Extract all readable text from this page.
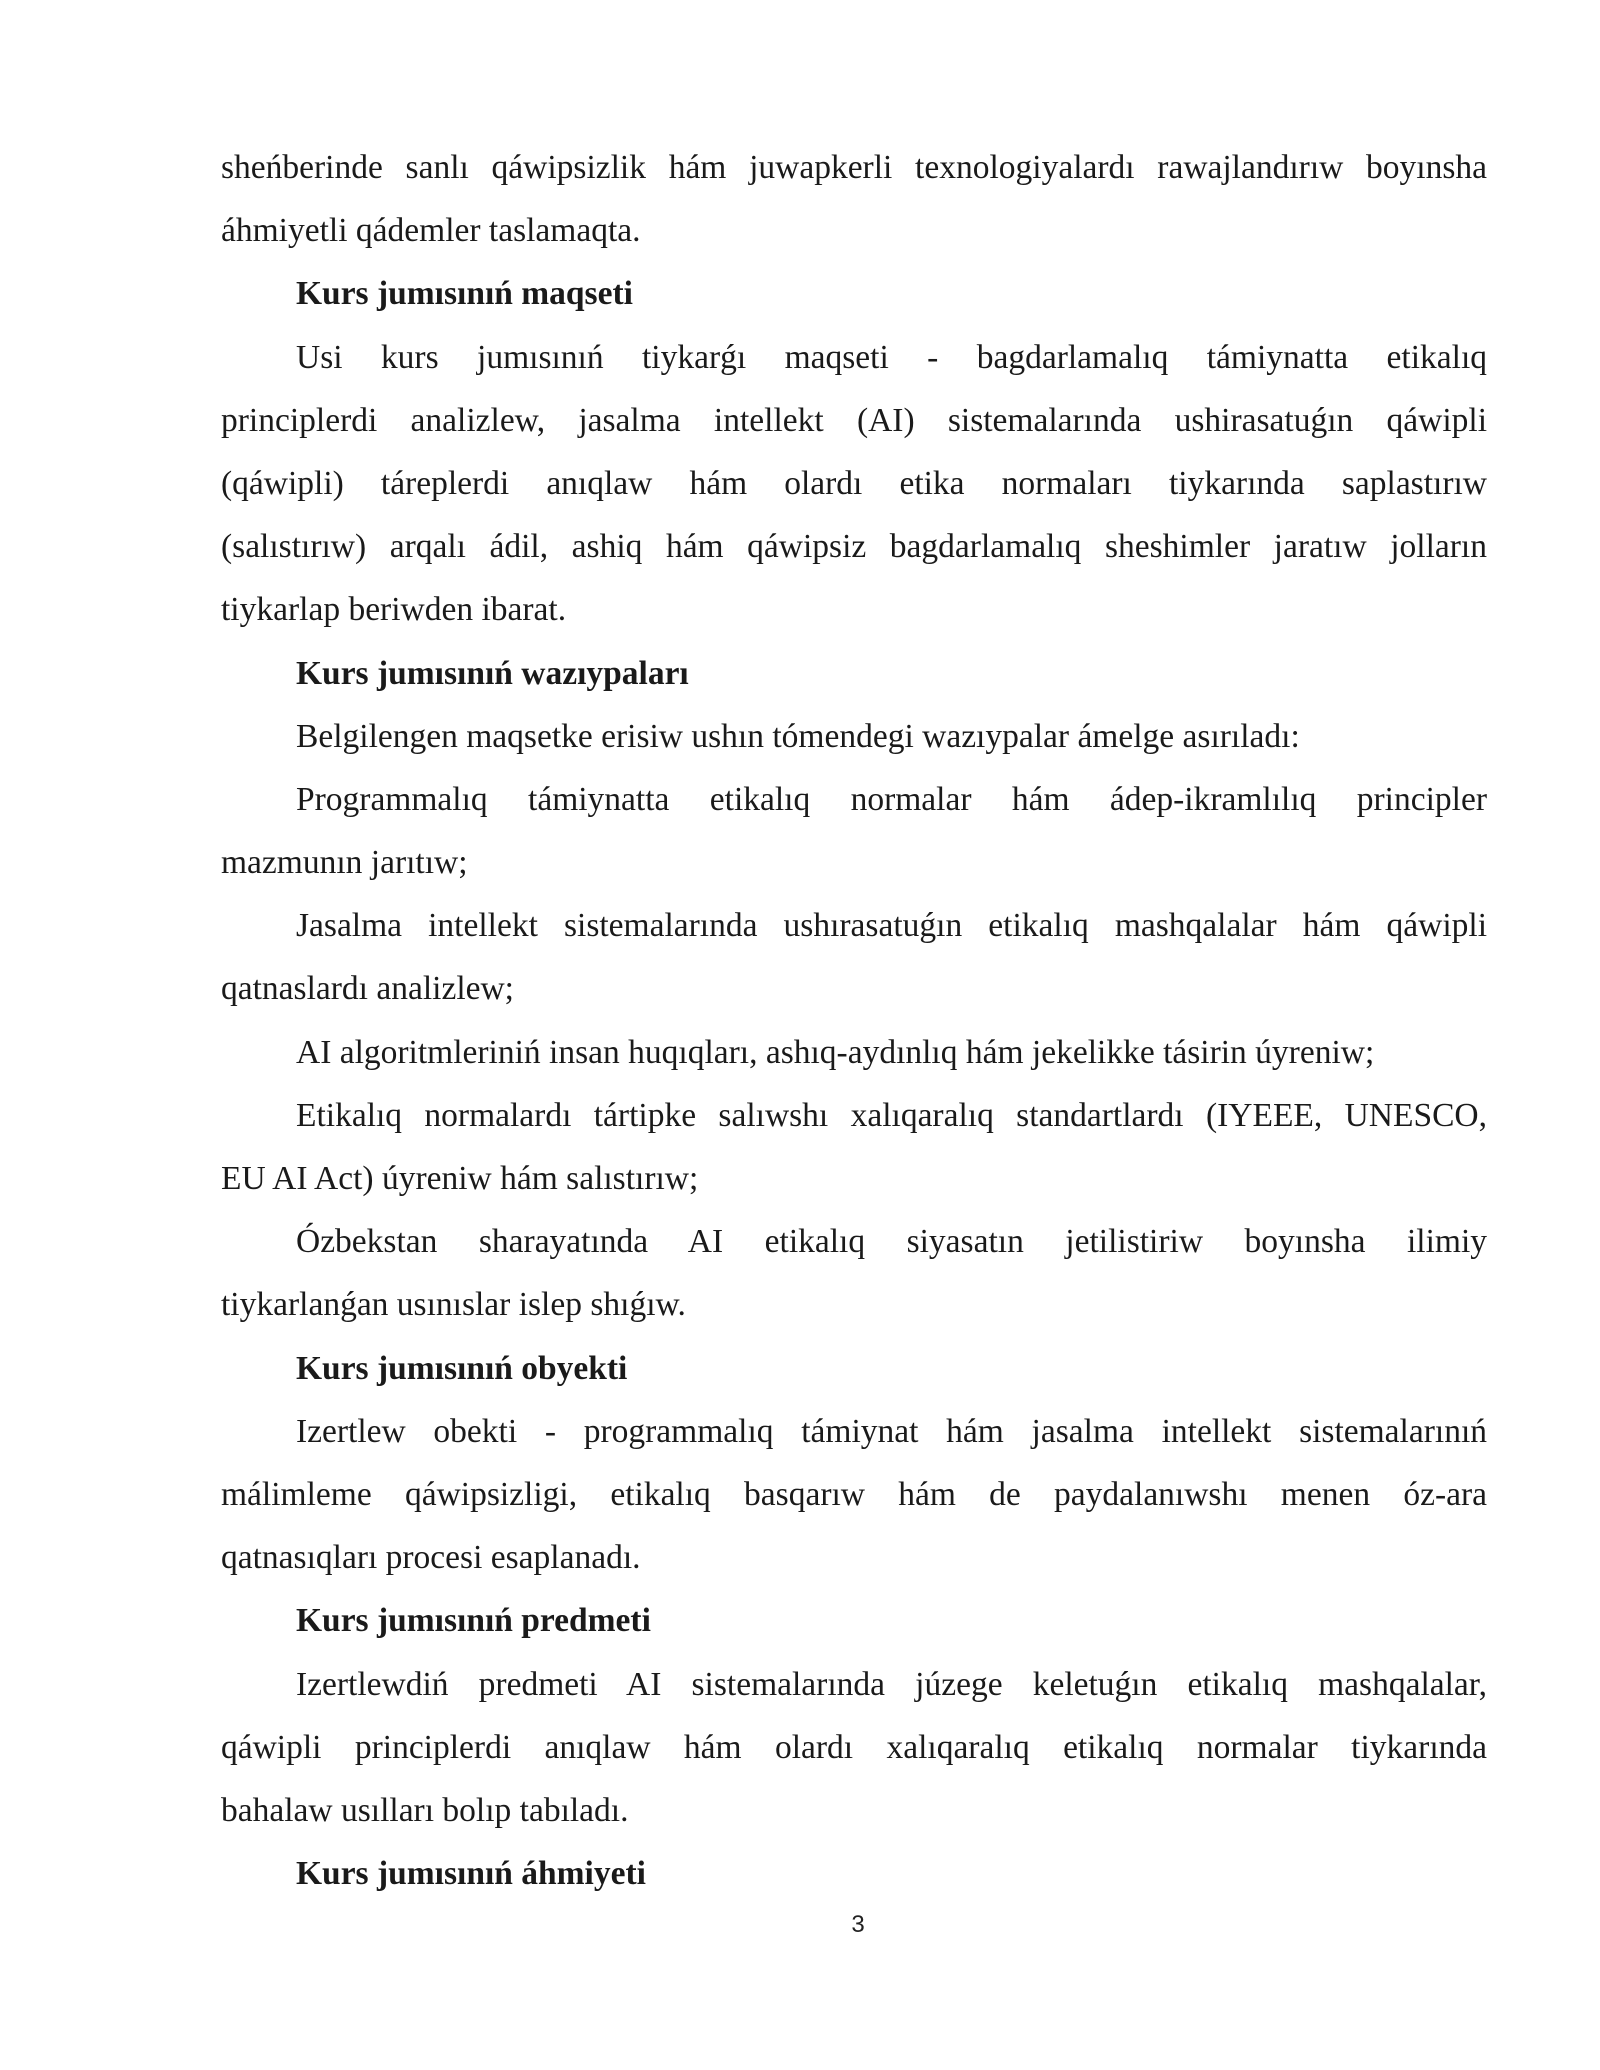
sheńberinde sanlı qáwipsizlik hám juwapkerli texnologiyalardı rawajlandırıw boyınsha
áhmiyetli qádemler taslamaqta.
Kurs jumısınıń maqseti
Usi kurs jumısınıń tiykarǵı maqseti - bagdarlamalıq támiynatta etikalıq
principlerdi analizlew, jasalma intellekt (AI) sistemalarında ushirasatuǵın qáwipli
(qáwipli) táreplerdi anıqlaw hám olardı etika normaları tiykarında saplastırıw
(salıstırıw) arqalı ádil, ashiq hám qáwipsiz bagdarlamalıq sheshimler jaratıw jolların
tiykarlap beriwden ibarat.
Kurs jumısınıń wazıypaları
Belgilengen maqsetke erisiw ushın tómendegi wazıypalar ámelge asırıladı:
Programmalıq támiynatta etikalıq normalar hám ádep-ikramlılıq principler
mazmunın jarıtıw;
Jasalma intellekt sistemalarında ushırasatuǵın etikalıq mashqalalar hám qáwipli
qatnaslardı analizlew;
AI algoritmleriniń insan huqıqları, ashıq-aydınlıq hám jekelikke tásirin úyreniw;
Etikalıq normalardı tártipke salıwshı xalıqaralıq standartlardı (IYEEE, UNESCO,
EU AI Act) úyreniw hám salıstırıw;
Ózbekstan sharayatında AI etikalıq siyasatın jetilistiriw boyınsha ilimiy
tiykarlanǵan usınıslar islep shıǵıw.
Kurs jumısınıń obyekti
Izertlew obekti - programmalıq támiynat hám jasalma intellekt sistemalarınıń
málimleme qáwipsizligi, etikalıq basqarıw hám de paydalanıwshı menen óz-ara
qatnasıqları procesi esaplanadı.
Kurs jumısınıń predmeti
Izertlewdiń predmeti AI sistemalarında júzege keletuǵın etikalıq mashqalalar,
qáwipli principlerdi anıqlaw hám olardı xalıqaralıq etikalıq normalar tiykarında
bahalaw usılları bolıp tabıladı.
Kurs jumısınıń áhmiyeti
3
